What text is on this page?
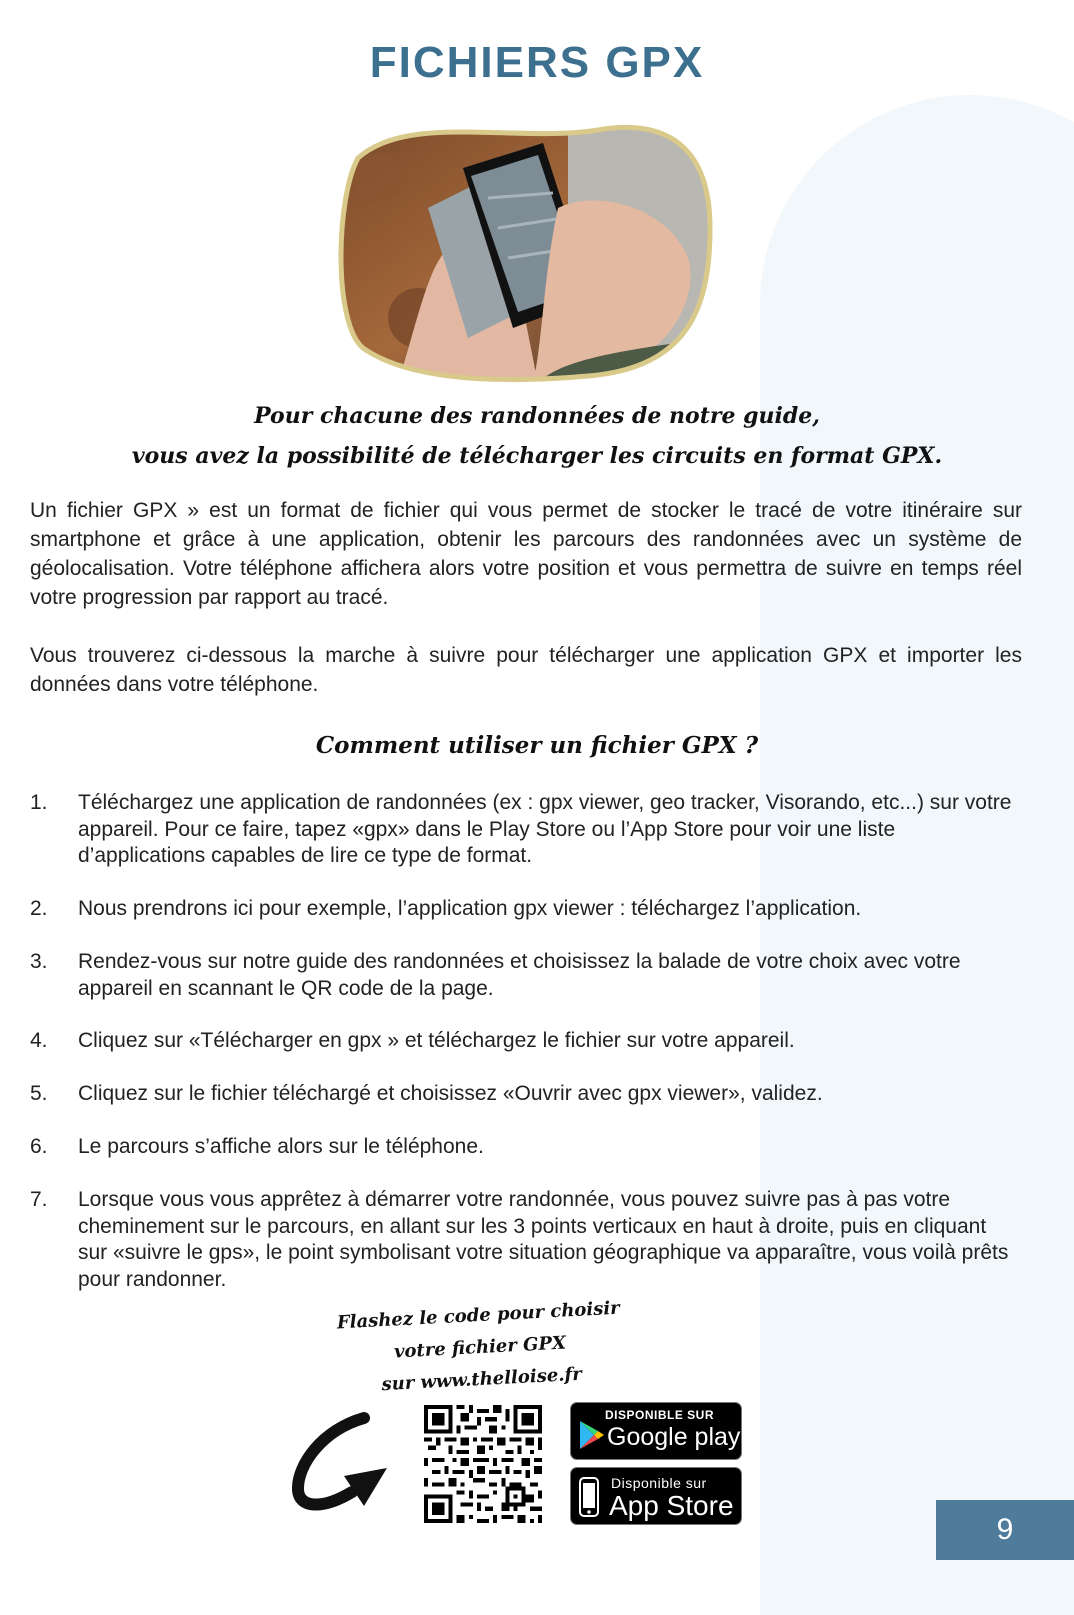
FICHIERS GPX
Pour chacune des randonnées de notre guide,
vous avez la possibilité de télécharger les circuits en format GPX.

Un fichier GPX » est un format de fichier qui vous permet de stocker le tracé de votre itinéraire sur smartphone et grâce à une application, obtenir les parcours des randonnées avec un système de géolocalisation. Votre téléphone affichera alors votre position et vous permettra de suivre en temps réel votre progression par rapport au tracé.

Vous trouverez ci-dessous la marche à suivre pour télécharger une application GPX et importer les données dans votre téléphone.

Comment utiliser un fichier GPX ?
1.	Téléchargez une application de randonnées (ex : gpx viewer, geo tracker, Visorando, etc...) sur votre appareil. Pour ce faire, tapez «gpx» dans le Play Store ou l’App Store pour voir une liste d’applications capables de lire ce type de format.
2.	Nous prendrons ici pour exemple, l’application gpx viewer : téléchargez l’application.
3.	Rendez-vous sur notre guide des randonnées et choisissez la balade de votre choix avec votre appareil en scannant le QR code de la page.
4.	Cliquez sur «Télécharger en gpx » et téléchargez le fichier sur votre appareil.
5.	Cliquez sur le fichier téléchargé et choisissez «Ouvrir avec gpx viewer», validez.
6.	Le parcours s’affiche alors sur le téléphone.
7.	Lorsque vous vous apprêtez à démarrer votre randonnée, vous pouvez suivre pas à pas votre cheminement sur le parcours, en allant sur les 3 points verticaux en haut à droite, puis en cliquant sur «suivre le gps», le point symbolisant votre situation géographique va apparaître, vous voilà prêts pour randonner.
Flashez le code pour choisir
votre fichier GPX
sur www.thelloise.fr
DISPONIBLE SUR
Google play
Disponible sur
App Store
9
